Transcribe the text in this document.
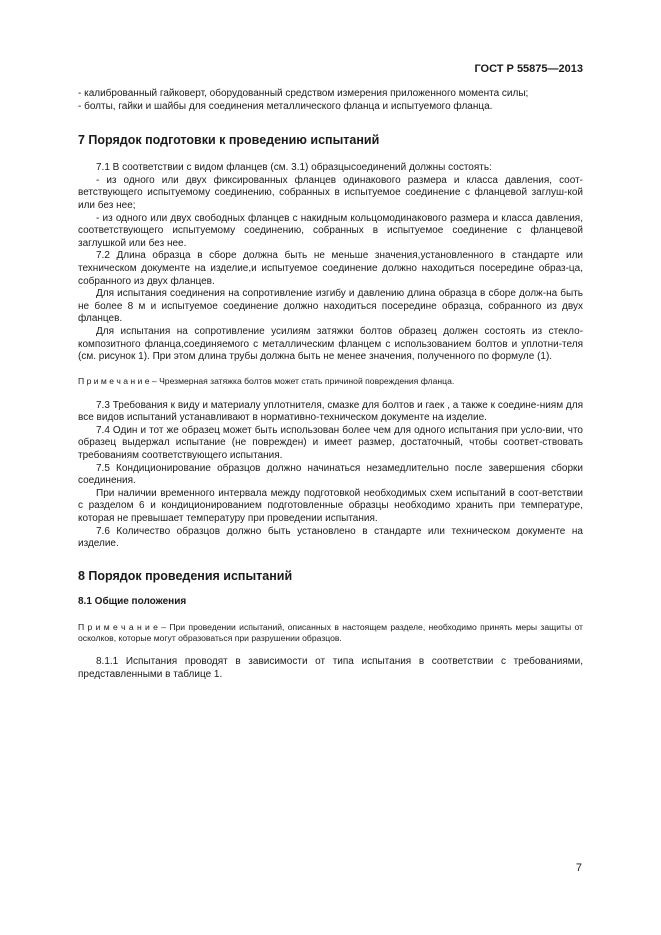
ГОСТ Р 55875—2013

- калиброванный гайковерт, оборудованный средством измерения приложенного момента силы;

- болты, гайки и шайбы для соединения металлического фланца и испытуемого фланца.

7 Порядок подготовки к проведению испытаний

7.1 В соответствии с видом фланцев (см. 3.1) образцысоединений должны состоять:

- из одного или двух фиксированных фланцев одинакового размера и класса давления, соот-ветствующего испытуемому соединению, собранных в испытуемое соединение с фланцевой заглуш-кой или без нее;

- из одного или двух свободных фланцев с накидным кольцомодинакового размера и класса давления, соответствующего испытуемому соединению, собранных в испытуемое соединение с фланцевой заглушкой или без нее.

7.2 Длина образца в сборе должна быть не меньше значения,установленного в стандарте или техническом документе на изделие,и испытуемое соединение должно находиться посередине образ-ца, собранного из двух фланцев.

Для испытания соединения на сопротивление изгибу и давлению длина образца в сборе долж-на быть не более 8 м и испытуемое соединение должно находиться посередине образца, собранного из двух фланцев.

Для испытания на сопротивление усилиям затяжки болтов образец должен состоять из стекло-композитного фланца,соединяемого с металлическим фланцем с использованием болтов и уплотни-теля (см. рисунок 1). При этом длина трубы должна быть не менее значения, полученного по формуле (1).

П р и м е ч а н и е – Чрезмерная затяжка болтов может стать причиной повреждения фланца.

7.3 Требования к виду и материалу уплотнителя, смазке для болтов и гаек , а также к соедине-ниям для все видов испытаний устанавливают в нормативно-техническом документе на изделие.

7.4 Один и тот же образец может быть использован более чем для одного испытания при усло-вии, что образец выдержал испытание (не поврежден) и имеет размер, достаточный, чтобы соответ-ствовать требованиям соответствующего испытания.

7.5 Кондиционирование образцов должно начинаться незамедлительно после завершения сборки соединения.

При наличии временного интервала между подготовкой необходимых схем испытаний в соот-ветствии с разделом 6 и кондиционированием подготовленные образцы необходимо хранить при температуре, которая не превышает температуру при проведении испытания.

7.6 Количество образцов должно быть установлено в стандарте или техническом документе на изделие.

8 Порядок проведения испытаний

8.1 Общие положения

П р и м е ч а н и е – При проведении испытаний, описанных в настоящем разделе, необходимо принять меры защиты от осколков, которые могут образоваться при разрушении образцов.

8.1.1 Испытания проводят в зависимости от типа испытания в соответствии с требованиями, представленными в таблице 1.

7
